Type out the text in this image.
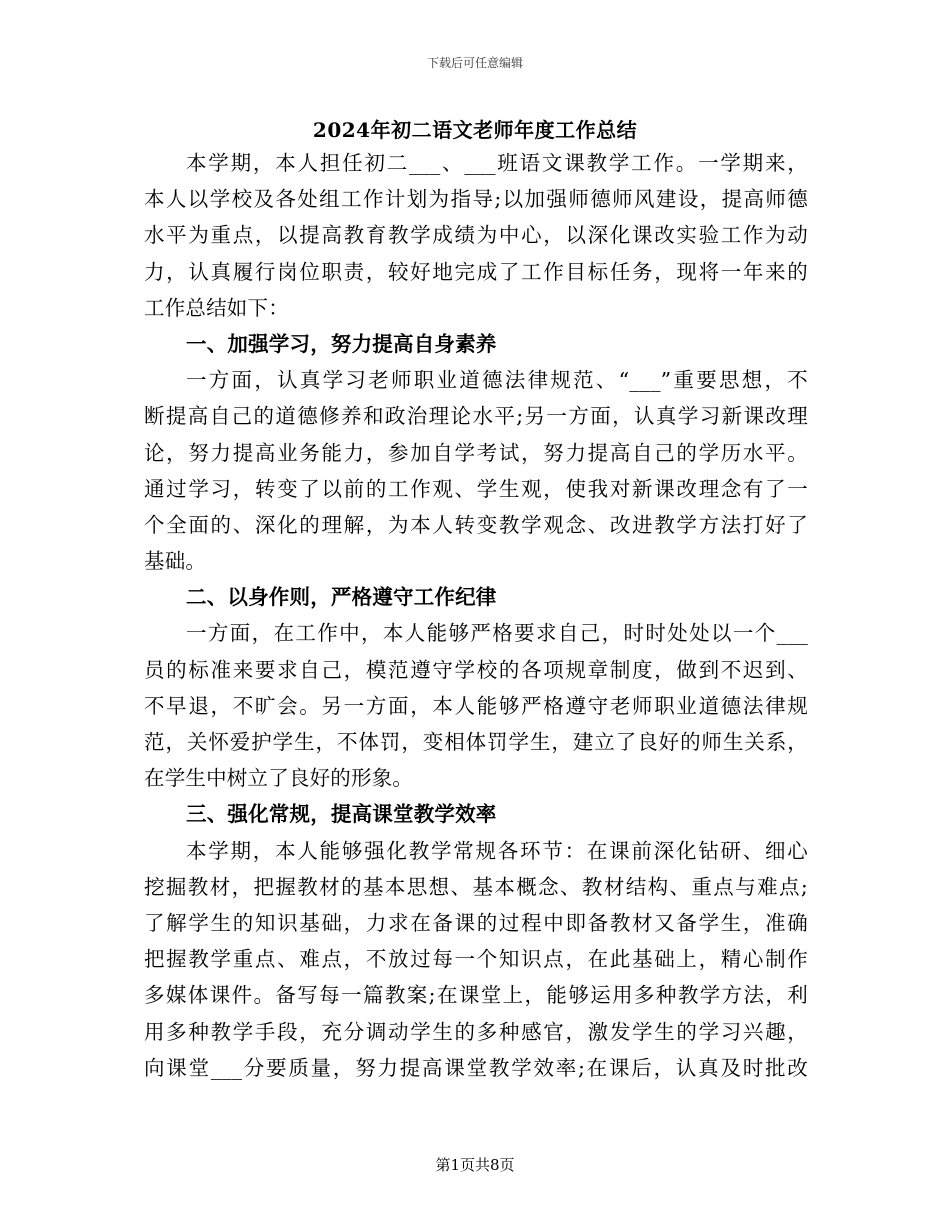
下载后可任意编辑
2024年初二语文老师年度工作总结
本学期，本人担任初二___、___班语文课教学工作。一学期来，
本人以学校及各处组工作计划为指导;以加强师德师风建设，提高师德
水平为重点，以提高教育教学成绩为中心，以深化课改实验工作为动
力，认真履行岗位职责，较好地完成了工作目标任务，现将一年来的
工作总结如下：
一、加强学习，努力提高自身素养
一方面，认真学习老师职业道德法律规范、“___”重要思想，不
断提高自己的道德修养和政治理论水平;另一方面，认真学习新课改理
论，努力提高业务能力，参加自学考试，努力提高自己的学历水平。
通过学习，转变了以前的工作观、学生观，使我对新课改理念有了一
个全面的、深化的理解，为本人转变教学观念、改进教学方法打好了
基础。
二、以身作则，严格遵守工作纪律
一方面，在工作中，本人能够严格要求自己，时时处处以一个___
员的标准来要求自己，模范遵守学校的各项规章制度，做到不迟到、
不早退，不旷会。另一方面，本人能够严格遵守老师职业道德法律规
范，关怀爱护学生，不体罚，变相体罚学生，建立了良好的师生关系，
在学生中树立了良好的形象。
三、强化常规，提高课堂教学效率
本学期，本人能够强化教学常规各环节：在课前深化钻研、细心
挖掘教材，把握教材的基本思想、基本概念、教材结构、重点与难点;
了解学生的知识基础，力求在备课的过程中即备教材又备学生，准确
把握教学重点、难点，不放过每一个知识点，在此基础上，精心制作
多媒体课件。备写每一篇教案;在课堂上，能够运用多种教学方法，利
用多种教学手段，充分调动学生的多种感官，激发学生的学习兴趣，
向课堂___分要质量，努力提高课堂教学效率;在课后，认真及时批改
第1页共8页
